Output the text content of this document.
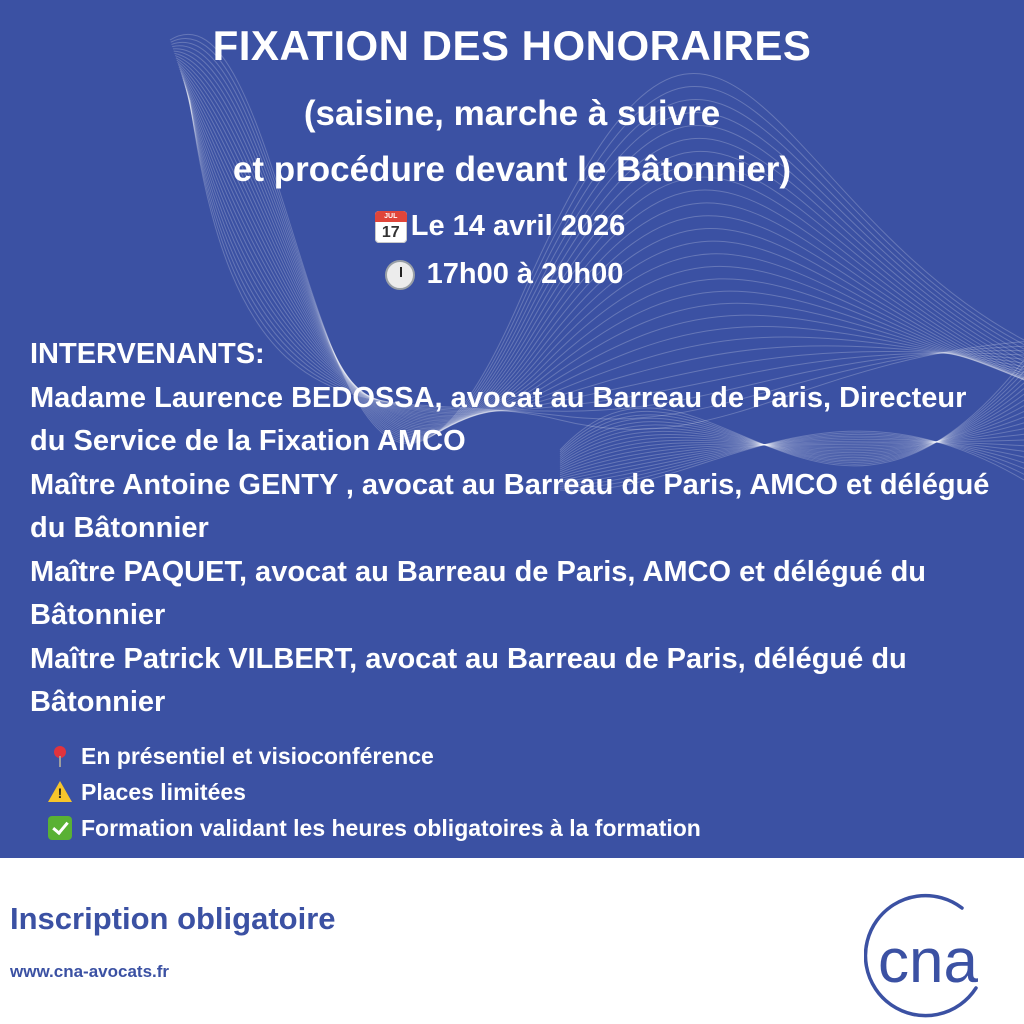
FIXATION DES HONORAIRES

(saisine, marche à suivre

et procédure devant le Bâtonnier)

JUL
17 Le 14 avril 2026
17h00 à 20h00

INTERVENANTS:

Madame Laurence BEDOSSA, avocat au Barreau de Paris, Directeur du Service de la Fixation AMCO

Maître Antoine GENTY , avocat au Barreau de Paris, AMCO et délégué du Bâtonnier

Maître PAQUET, avocat au Barreau de Paris, AMCO et délégué du Bâtonnier

Maître Patrick VILBERT, avocat au Barreau de Paris, délégué du Bâtonnier

En présentiel et visioconférence
!
Places limitées
Formation validant les heures obligatoires à la formation

Inscription obligatoire

www.cna-avocats.fr	cna
